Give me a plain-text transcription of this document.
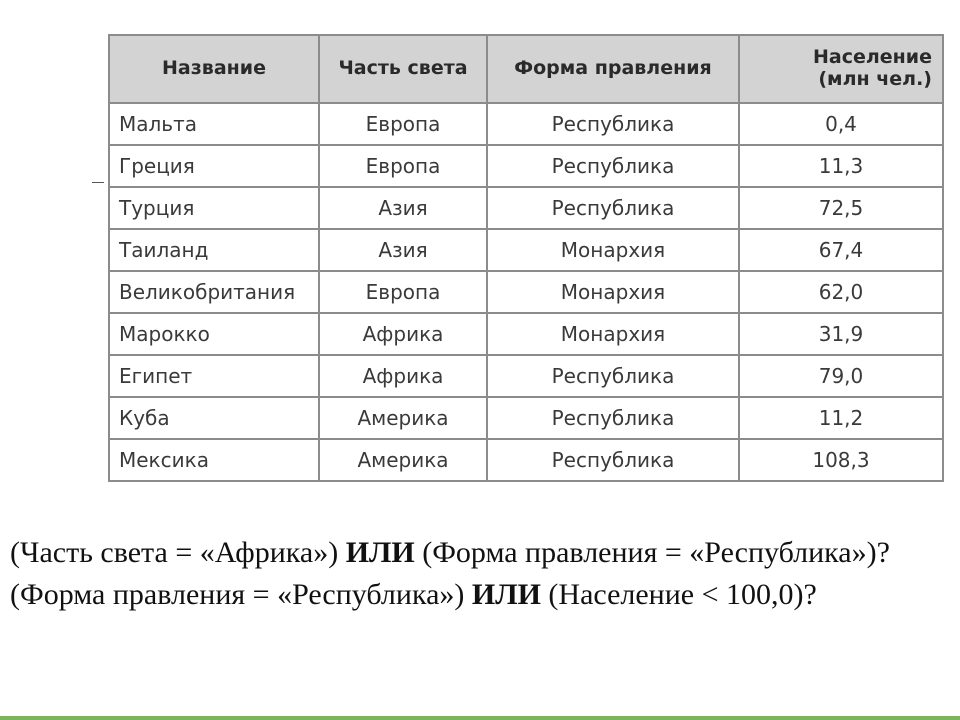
Название	Часть света	Форма правления	Население
(млн чел.)

Мальта	Европа	Республика	0,4
Греция	Европа	Республика	11,3
Турция	Азия	Республика	72,5
Таиланд	Азия	Монархия	67,4
Великобритания	Европа	Монархия	62,0
Марокко	Африка	Монархия	31,9
Египет	Африка	Республика	79,0
Куба	Америка	Республика	11,2
Мексика	Америка	Республика	108,3

(Часть света = «Африка») ИЛИ (Форма правления = «Республика»)?

(Форма правления = «Республика») ИЛИ (Население < 100,0)?
